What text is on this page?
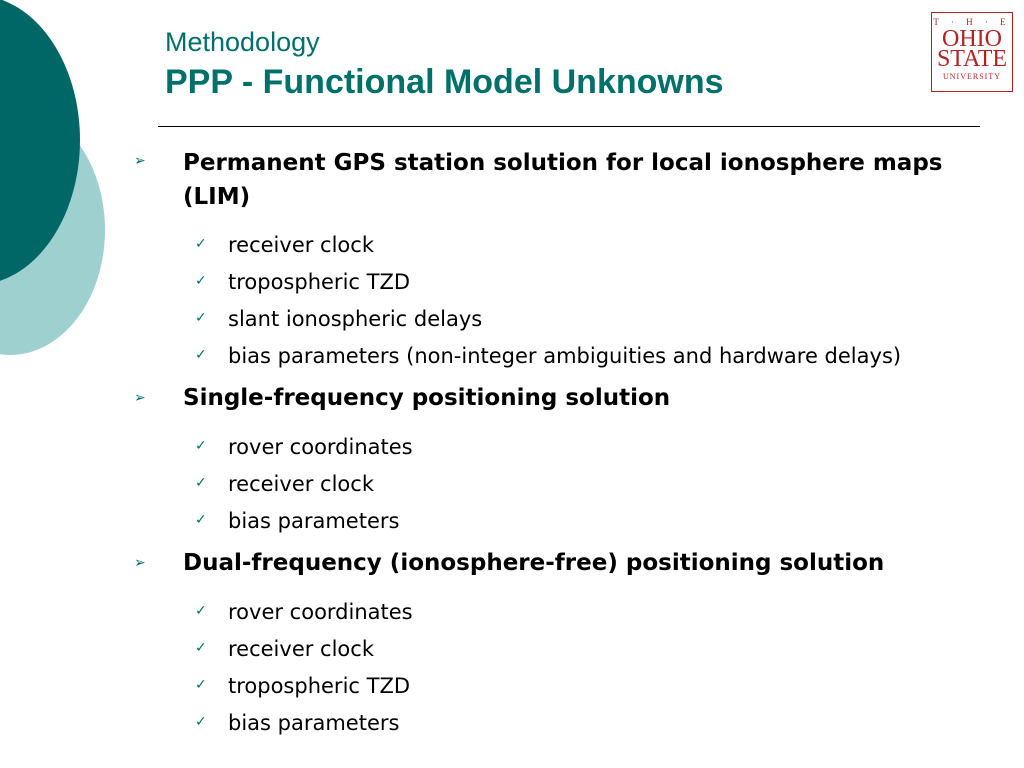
Methodology
PPP - Functional Model Unknowns
T · H · E
OHIO
STATE
UNIVERSITY
➢ Permanent GPS station solution for local ionosphere maps (LIM)
✓ receiver clock
✓ tropospheric TZD
✓ slant ionospheric delays
✓ bias parameters (non-integer ambiguities and hardware delays)
➢ Single-frequency positioning solution
✓ rover coordinates
✓ receiver clock
✓ bias parameters
➢ Dual-frequency (ionosphere-free) positioning solution
✓ rover coordinates
✓ receiver clock
✓ tropospheric TZD
✓ bias parameters
